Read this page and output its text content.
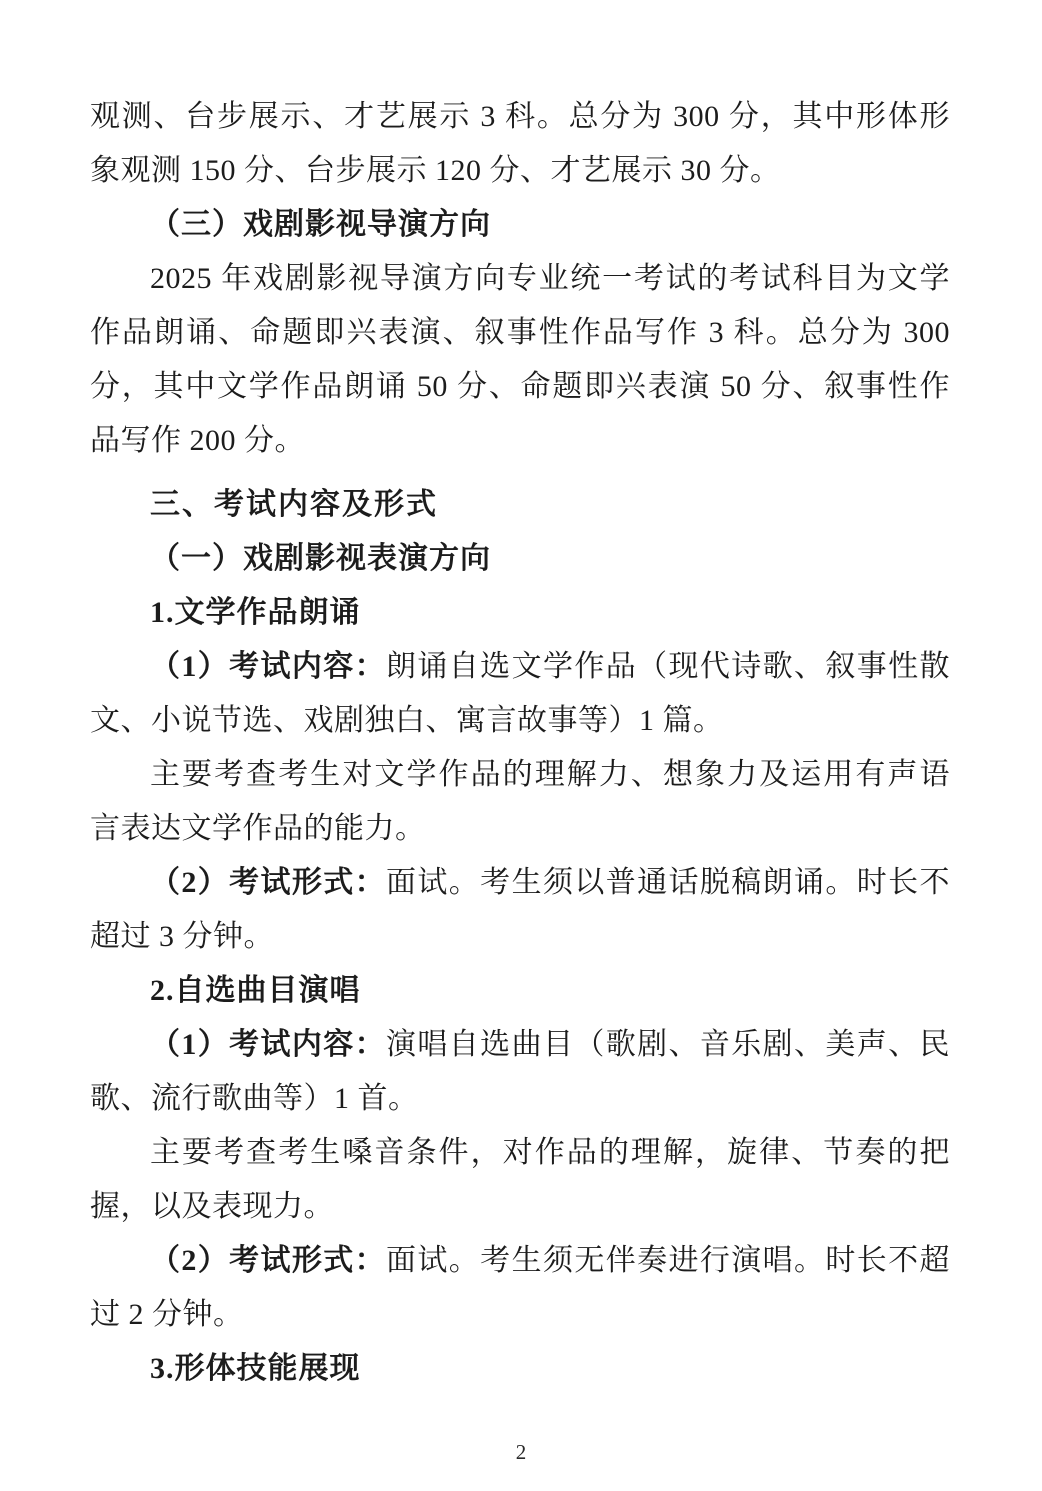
观测、台步展示、才艺展示 3 科。总分为 300 分，其中形体形
象观测 150 分、台步展示 120 分、才艺展示 30 分。
（三）戏剧影视导演方向
2025 年戏剧影视导演方向专业统一考试的考试科目为文学
作品朗诵、命题即兴表演、叙事性作品写作 3 科。总分为 300
分，其中文学作品朗诵 50 分、命题即兴表演 50 分、叙事性作
品写作 200 分。
三、考试内容及形式
（一）戏剧影视表演方向
1.文学作品朗诵
（1）考试内容：朗诵自选文学作品（现代诗歌、叙事性散
文、小说节选、戏剧独白、寓言故事等）1 篇。
主要考查考生对文学作品的理解力、想象力及运用有声语
言表达文学作品的能力。
（2）考试形式：面试。考生须以普通话脱稿朗诵。时长不
超过 3 分钟。
2.自选曲目演唱
（1）考试内容：演唱自选曲目（歌剧、音乐剧、美声、民
歌、流行歌曲等）1 首。
主要考查考生嗓音条件，对作品的理解，旋律、节奏的把
握，以及表现力。
（2）考试形式：面试。考生须无伴奏进行演唱。时长不超
过 2 分钟。
3.形体技能展现
2
